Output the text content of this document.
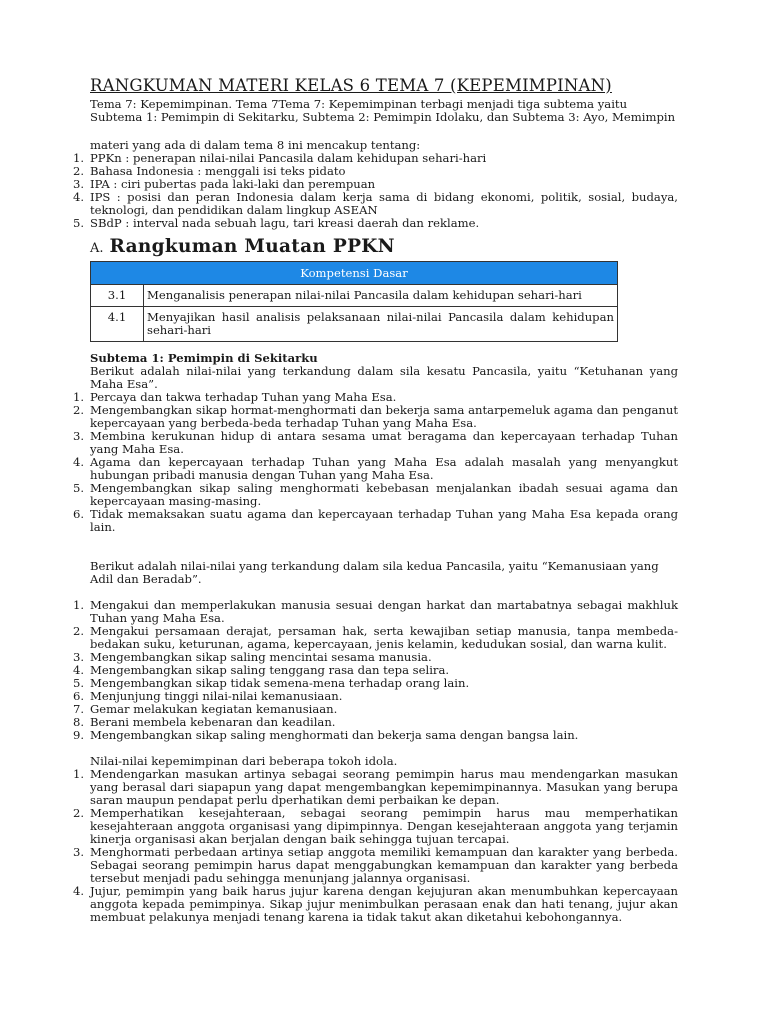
RANGKUMAN MATERI KELAS 6 TEMA 7 (KEPEMIMPINAN)

Tema 7: Kepemimpinan. Tema 7Tema 7: Kepemimpinan terbagi menjadi tiga subtema yaitu

Subtema 1: Pemimpin di Sekitarku, Subtema 2: Pemimpin Idolaku, dan Subtema 3: Ayo, Memimpin

materi yang ada di dalam tema 8 ini mencakup tentang:

1. PPKn : penerapan nilai-nilai Pancasila dalam kehidupan sehari-hari
2. Bahasa Indonesia : menggali isi teks pidato
3. IPA : ciri pubertas pada laki-laki dan perempuan
4. IPS : posisi dan peran Indonesia dalam kerja sama di bidang ekonomi, politik, sosial, budaya, teknologi, dan pendidikan dalam lingkup ASEAN
5. SBdP : interval nada sebuah lagu, tari kreasi daerah dan reklame.
A. Rangkuman Muatan PPKN
Kompetensi Dasar	
3.1	Menganalisis penerapan nilai-nilai Pancasila dalam kehidupan sehari-hari
4.1	Menyajikan hasil analisis pelaksanaan nilai-nilai Pancasila dalam kehidupan sehari-hari

Subtema 1: Pemimpin di Sekitarku

Berikut adalah nilai-nilai yang terkandung dalam sila kesatu Pancasila, yaitu “Ketuhanan yang Maha Esa”.

1. Percaya dan takwa terhadap Tuhan yang Maha Esa.
2. Mengembangkan sikap hormat-menghormati dan bekerja sama antarpemeluk agama dan penganut kepercayaan yang berbeda-beda terhadap Tuhan yang Maha Esa.
3. Membina kerukunan hidup di antara sesama umat beragama dan kepercayaan terhadap Tuhan yang Maha Esa.
4. Agama dan kepercayaan terhadap Tuhan yang Maha Esa adalah masalah yang menyangkut hubungan pribadi manusia dengan Tuhan yang Maha Esa.
5. Mengembangkan sikap saling menghormati kebebasan menjalankan ibadah sesuai agama dan kepercayaan masing-masing.
6. Tidak memaksakan suatu agama dan kepercayaan terhadap Tuhan yang Maha Esa kepada orang lain.

Berikut adalah nilai-nilai yang terkandung dalam sila kedua Pancasila, yaitu “Kemanusiaan yang

Adil dan Beradab”.

1. Mengakui dan memperlakukan manusia sesuai dengan harkat dan martabatnya sebagai makhluk Tuhan yang Maha Esa.
2. Mengakui persamaan derajat, persaman hak, serta kewajiban setiap manusia, tanpa membeda-bedakan suku, keturunan, agama, kepercayaan, jenis kelamin, kedudukan sosial, dan warna kulit.
3. Mengembangkan sikap saling mencintai sesama manusia.
4. Mengembangkan sikap saling tenggang rasa dan tepa selira.
5. Mengembangkan sikap tidak semena-mena terhadap orang lain.
6. Menjunjung tinggi nilai-nilai kemanusiaan.
7. Gemar melakukan kegiatan kemanusiaan.
8. Berani membela kebenaran dan keadilan.
9. Mengembangkan sikap saling menghormati dan bekerja sama dengan bangsa lain.

Nilai-nilai kepemimpinan dari beberapa tokoh idola.

1. Mendengarkan masukan artinya sebagai seorang pemimpin harus mau mendengarkan masukan yang berasal dari siapapun yang dapat mengembangkan kepemimpinannya. Masukan yang berupa saran maupun pendapat perlu dperhatikan demi perbaikan ke depan.
2. Memperhatikan kesejahteraan, sebagai seorang pemimpin harus mau memperhatikan kesejahteraan anggota organisasi yang dipimpinnya. Dengan kesejahteraan anggota yang terjamin kinerja organisasi akan berjalan dengan baik sehingga tujuan tercapai.
3. Menghormati perbedaan artinya setiap anggota memiliki kemampuan dan karakter yang berbeda. Sebagai seorang pemimpin harus dapat menggabungkan kemampuan dan karakter yang berbeda tersebut menjadi padu sehingga menunjang jalannya organisasi.
4. Jujur, pemimpin yang baik harus jujur karena dengan kejujuran akan menumbuhkan kepercayaan anggota kepada pemimpinya. Sikap jujur menimbulkan perasaan enak dan hati tenang, jujur akan membuat pelakunya menjadi tenang karena ia tidak takut akan diketahui kebohongannya.
